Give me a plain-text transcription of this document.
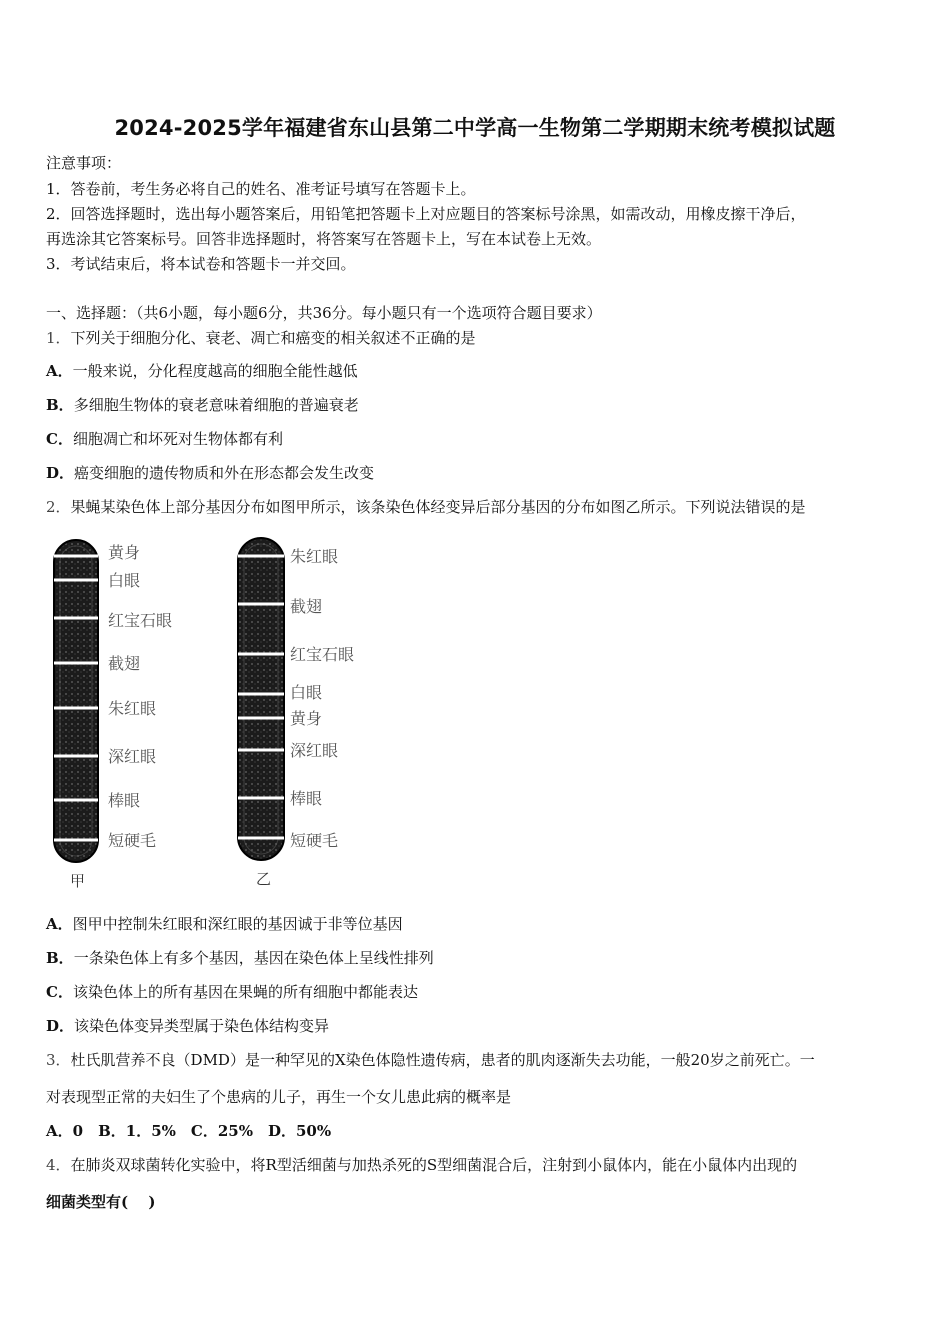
2024-2025学年福建省东山县第二中学高一生物第二学期期末统考模拟试题
注意事项：
1．答卷前，考生务必将自己的姓名、准考证号填写在答题卡上。
2．回答选择题时，选出每小题答案后，用铅笔把答题卡上对应题目的答案标号涂黑，如需改动，用橡皮擦干净后，
再选涂其它答案标号。回答非选择题时，将答案写在答题卡上，写在本试卷上无效。
3．考试结束后，将本试卷和答题卡一并交回。
一、选择题：（共6小题，每小题6分，共36分。每小题只有一个选项符合题目要求）
1．下列关于细胞分化、衰老、凋亡和癌变的相关叙述不正确的是
A．一般来说，分化程度越高的细胞全能性越低
B．多细胞生物体的衰老意味着细胞的普遍衰老
C．细胞凋亡和坏死对生物体都有利
D．癌变细胞的遗传物质和外在形态都会发生改变
2．果蝇某染色体上部分基因分布如图甲所示，该条染色体经变异后部分基因的分布如图乙所示。下列说法错误的是
黄身
白眼
红宝石眼
截翅
朱红眼
深红眼
棒眼
短硬毛
朱红眼
截翅
红宝石眼
白眼
黄身
深红眼
棒眼
短硬毛
甲	乙
A．图甲中控制朱红眼和深红眼的基因诚于非等位基因
B．一条染色体上有多个基因，基因在染色体上呈线性排列
C．该染色体上的所有基因在果蝇的所有细胞中都能表达
D．该染色体变异类型属于染色体结构变异
3．杜氏肌营养不良（DMD）是一种罕见的X染色体隐性遗传病，患者的肌肉逐渐失去功能，一般20岁之前死亡。一
对表现型正常的夫妇生了个患病的儿子，再生一个女儿患此病的概率是
A．0　B．1．5%　C．25%　D．50%
4．在肺炎双球菌转化实验中，将R型活细菌与加热杀死的S型细菌混合后，注射到小鼠体内，能在小鼠体内出现的
细菌类型有(　 )
